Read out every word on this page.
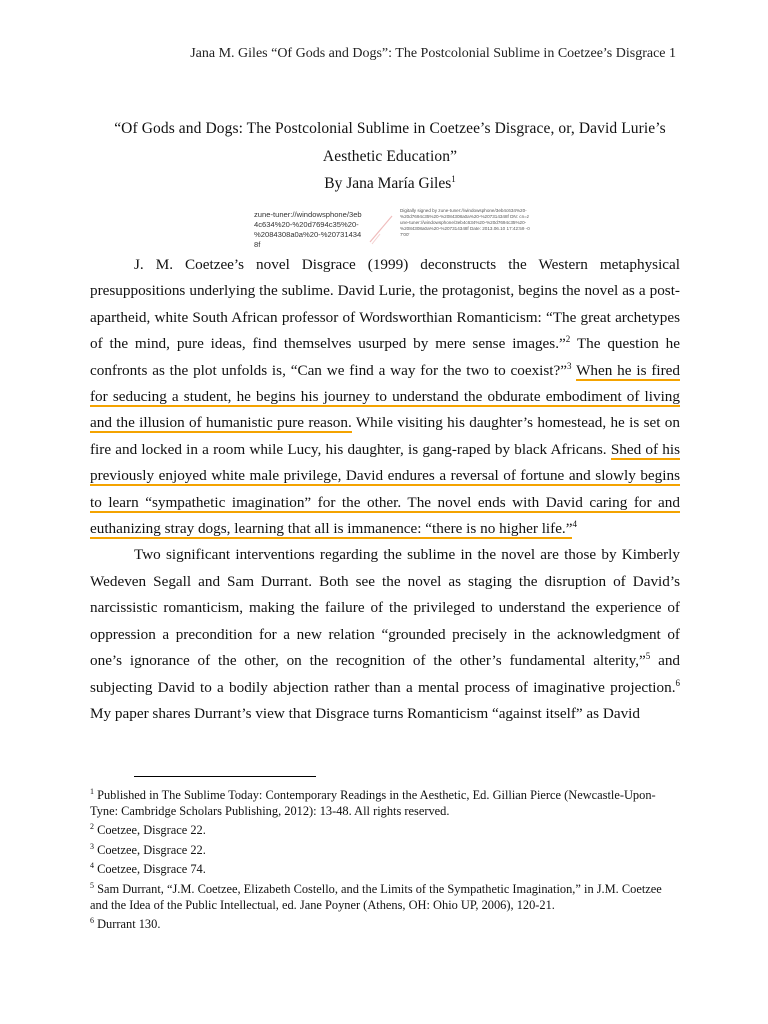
Jana M. Giles “Of Gods and Dogs”: The Postcolonial Sublime in Coetzee’s Disgrace 1
“Of Gods and Dogs: The Postcolonial Sublime in Coetzee’s Disgrace, or, David Lurie’s
Aesthetic Education”
By Jana María Giles$^1$
zune-tuner://windowsphone/3eb4c634%20-%20d7694c35%20-%2084308a0a%20-%207314348f
Digitally signed by zune-tuner://windowsphone/3eb4c634%20-%20d7694c35%20-%2084308a0a%20-%207314348f DN: cn=zune-tuner://windowsphone/3eb4c634%20-%20d7694c35%20-%2084308a0a%20-%207314348f Date: 2013.06.10 17:42:59 -07'00'

J. M. Coetzee’s novel Disgrace (1999) deconstructs the Western metaphysical presuppositions underlying the sublime. David Lurie, the protagonist, begins the novel as a post-apartheid, white South African professor of Wordsworthian Romanticism: “The great archetypes of the mind, pure ideas, find themselves usurped by mere sense images.”$^2$ The question he confronts as the plot unfolds is, “Can we find a way for the two to coexist?”$^3$ When he is fired for seducing a student, he begins his journey to understand the obdurate embodiment of living and the illusion of humanistic pure reason. While visiting his daughter’s homestead, he is set on fire and locked in a room while Lucy, his daughter, is gang-raped by black Africans. Shed of his previously enjoyed white male privilege, David endures a reversal of fortune and slowly begins to learn “sympathetic imagination” for the other. The novel ends with David caring for and euthanizing stray dogs, learning that all is immanence: “there is no higher life.”$^4$

Two significant interventions regarding the sublime in the novel are those by Kimberly Wedeven Segall and Sam Durrant. Both see the novel as staging the disruption of David’s narcissistic romanticism, making the failure of the privileged to understand the experience of oppression a precondition for a new relation “grounded precisely in the acknowledgment of one’s ignorance of the other, on the recognition of the other’s fundamental alterity,”$^5$ and subjecting David to a bodily abjection rather than a mental process of imaginative projection.$^6$ My paper shares Durrant’s view that Disgrace turns Romanticism “against itself” as David

$^1$ Published in The Sublime Today: Contemporary Readings in the Aesthetic, Ed. Gillian Pierce (Newcastle-Upon-Tyne: Cambridge Scholars Publishing, 2012): 13-48. All rights reserved.
$^2$ Coetzee, Disgrace 22.
$^3$ Coetzee, Disgrace 22.
$^4$ Coetzee, Disgrace 74.
$^5$ Sam Durrant, “J.M. Coetzee, Elizabeth Costello, and the Limits of the Sympathetic Imagination,” in J.M. Coetzee and the Idea of the Public Intellectual, ed. Jane Poyner (Athens, OH: Ohio UP, 2006), 120-21.
$^6$ Durrant 130.
